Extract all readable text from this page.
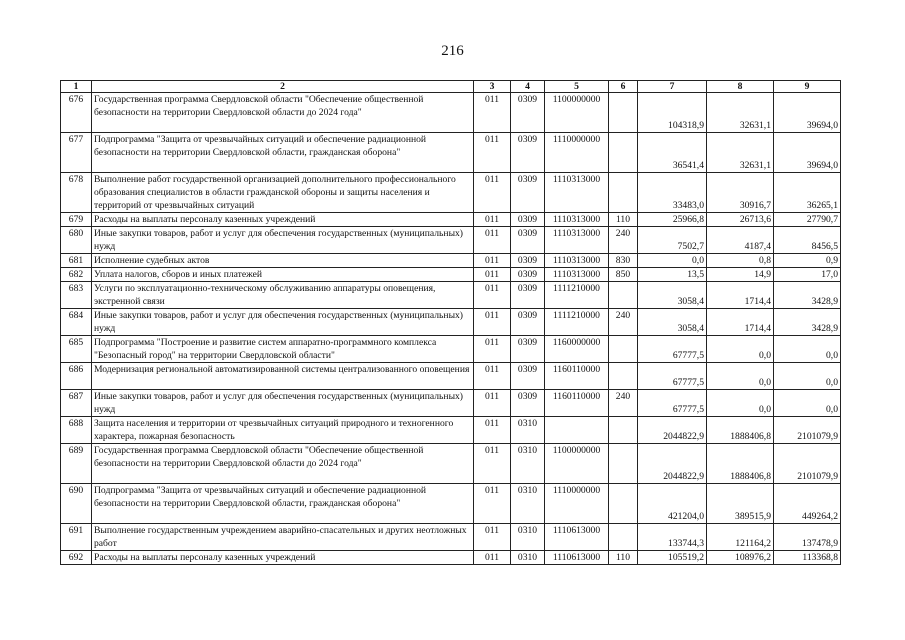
216
1	2	3	4	5	6	7	8	9
676	Государственная программа Свердловской области "Обеспечение общественной безопасности на территории Свердловской области до 2024 года"	011	0309	1100000000		104318,9	32631,1	39694,0
677	Подпрограмма "Защита от чрезвычайных ситуаций и обеспечение радиационной безопасности на территории Свердловской области, гражданская оборона"	011	0309	1110000000		36541,4	32631,1	39694,0
678	Выполнение работ государственной организацией дополнительного профессионального образования специалистов в области гражданской обороны и защиты населения и территорий от чрезвычайных ситуаций	011	0309	1110313000		33483,0	30916,7	36265,1
679	Расходы на выплаты персоналу казенных учреждений	011	0309	1110313000	110	25966,8	26713,6	27790,7
680	Иные закупки товаров, работ и услуг для обеспечения государственных (муниципальных) нужд	011	0309	1110313000	240	7502,7	4187,4	8456,5
681	Исполнение судебных актов	011	0309	1110313000	830	0,0	0,8	0,9
682	Уплата налогов, сборов и иных платежей	011	0309	1110313000	850	13,5	14,9	17,0
683	Услуги по эксплуатационно-техническому обслуживанию аппаратуры оповещения, экстренной связи	011	0309	1111210000		3058,4	1714,4	3428,9
684	Иные закупки товаров, работ и услуг для обеспечения государственных (муниципальных) нужд	011	0309	1111210000	240	3058,4	1714,4	3428,9
685	Подпрограмма "Построение и развитие систем аппаратно-программного комплекса "Безопасный город" на территории Свердловской области"	011	0309	1160000000		67777,5	0,0	0,0
686	Модернизация региональной автоматизированной системы централизованного оповещения	011	0309	1160110000		67777,5	0,0	0,0
687	Иные закупки товаров, работ и услуг для обеспечения государственных (муниципальных) нужд	011	0309	1160110000	240	67777,5	0,0	0,0
688	Защита населения и территории от чрезвычайных ситуаций природного и техногенного характера, пожарная безопасность	011	0310			2044822,9	1888406,8	2101079,9
689	Государственная программа Свердловской области "Обеспечение общественной безопасности на территории Свердловской области до 2024 года"	011	0310	1100000000		2044822,9	1888406,8	2101079,9
690	Подпрограмма "Защита от чрезвычайных ситуаций и обеспечение радиационной безопасности на территории Свердловской области, гражданская оборона"	011	0310	1110000000		421204,0	389515,9	449264,2
691	Выполнение государственным учреждением аварийно-спасательных и других неотложных работ	011	0310	1110613000		133744,3	121164,2	137478,9
692	Расходы на выплаты персоналу казенных учреждений	011	0310	1110613000	110	105519,2	108976,2	113368,8
